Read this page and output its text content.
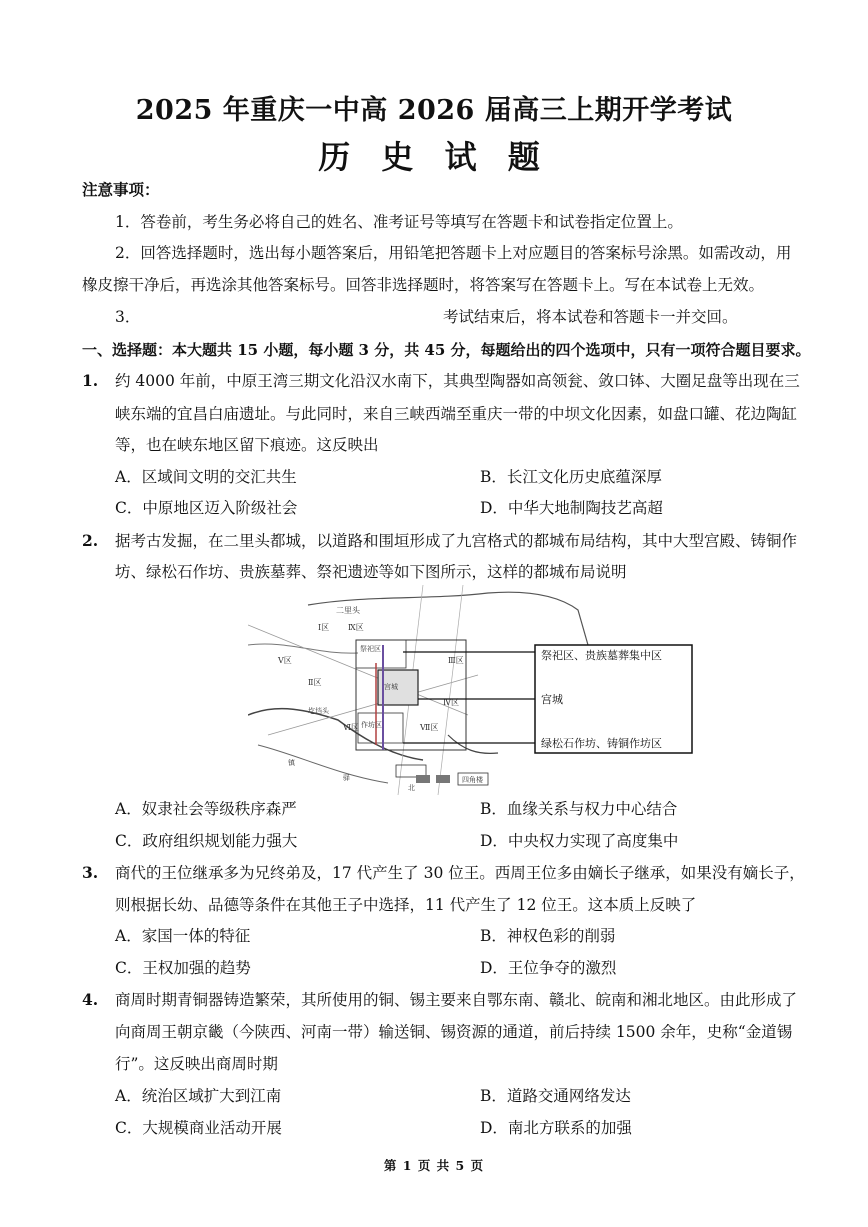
2025 年重庆一中高 2026 届高三上期开学考试
历 史 试 题
注意事项：
1．答卷前，考生务必将自己的姓名、准考证号等填写在答题卡和试卷指定位置上。
2．回答选择题时，选出每小题答案后，用铅笔把答题卡上对应题目的答案标号涂黑。如需改动，用
橡皮擦干净后，再选涂其他答案标号。回答非选择题时，将答案写在答题卡上。写在本试卷上无效。
3．	考试结束后，将本试卷和答题卡一并交回。
一、选择题：本大题共 15 小题，每小题 3 分，共 45 分，每题给出的四个选项中，只有一项符合题目要求。
1. 约 4000 年前，中原王湾三期文化沿汉水南下，其典型陶器如高领瓮、敛口钵、大圈足盘等出现在三
峡东端的宜昌白庙遗址。与此同时，来自三峡西端至重庆一带的中坝文化因素，如盘口罐、花边陶缸
等，也在峡东地区留下痕迹。这反映出
A．区域间文明的交汇共生	B．长江文化历史底蕴深厚
C．中原地区迈入阶级社会	D．中华大地制陶技艺高超
2. 据考古发掘，在二里头都城，以道路和围垣形成了九宫格式的都城布局结构，其中大型宫殿、铸铜作
坊、绿松石作坊、贵族墓葬、祭祀遗迹等如下图所示，这样的都城布局说明
Ⅰ区
Ⅱ区
Ⅲ区
Ⅳ区
Ⅴ区
Ⅵ区	Ⅶ区
Ⅸ区
二里头
祭祀区
宫城
作坊区
圪垱头
北
四角楼
镇
驿
祭祀区、贵族墓葬集中区
宫城
绿松石作坊、铸铜作坊区
A．奴隶社会等级秩序森严	B．血缘关系与权力中心结合
C．政府组织规划能力强大	D．中央权力实现了高度集中
3. 商代的王位继承多为兄终弟及，17 代产生了 30 位王。西周王位多由嫡长子继承，如果没有嫡长子，
则根据长幼、品德等条件在其他王子中选择，11 代产生了 12 位王。这本质上反映了
A．家国一体的特征	B．神权色彩的削弱
C．王权加强的趋势	D．王位争夺的激烈
4. 商周时期青铜器铸造繁荣，其所使用的铜、锡主要来自鄂东南、赣北、皖南和湘北地区。由此形成了
向商周王朝京畿（今陕西、河南一带）输送铜、锡资源的通道，前后持续 1500 余年，史称“金道锡
行”。这反映出商周时期
A．统治区域扩大到江南	B．道路交通网络发达
C．大规模商业活动开展	D．南北方联系的加强
第 1 页 共 5 页
